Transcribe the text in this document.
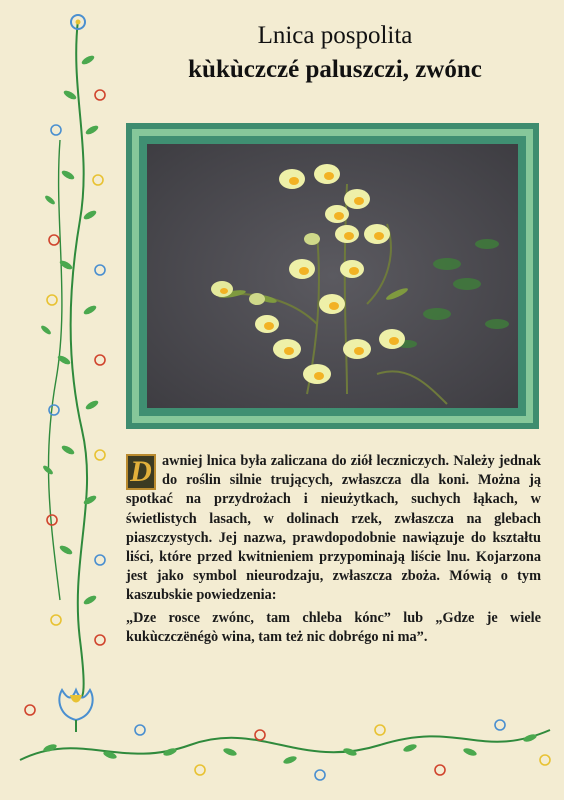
Lnica pospolita
kùkùczczé paluszczi, zwónc

D awniej lnica była zaliczana do ziół leczniczych. Należy jednak do roślin silnie trujących, zwłaszcza dla koni. Można ją spotkać na przydrożach i nieużytkach, suchych łąkach, w świetlistych lasach, w dolinach rzek, zwłaszcza na glebach piaszczystych. Jej nazwa, prawdopodobnie nawiązuje do kształtu liści, które przed kwitnieniem przypominają liście lnu. Kojarzona jest jako symbol nieurodzaju, zwłaszcza zboża. Mówią o tym kaszubskie powiedzenia:

„Dze rosce zwónc, tam chleba kónc” lub „Gdze je wiele kukùczczënégò wina, tam też nic dobrégo ni ma”.
